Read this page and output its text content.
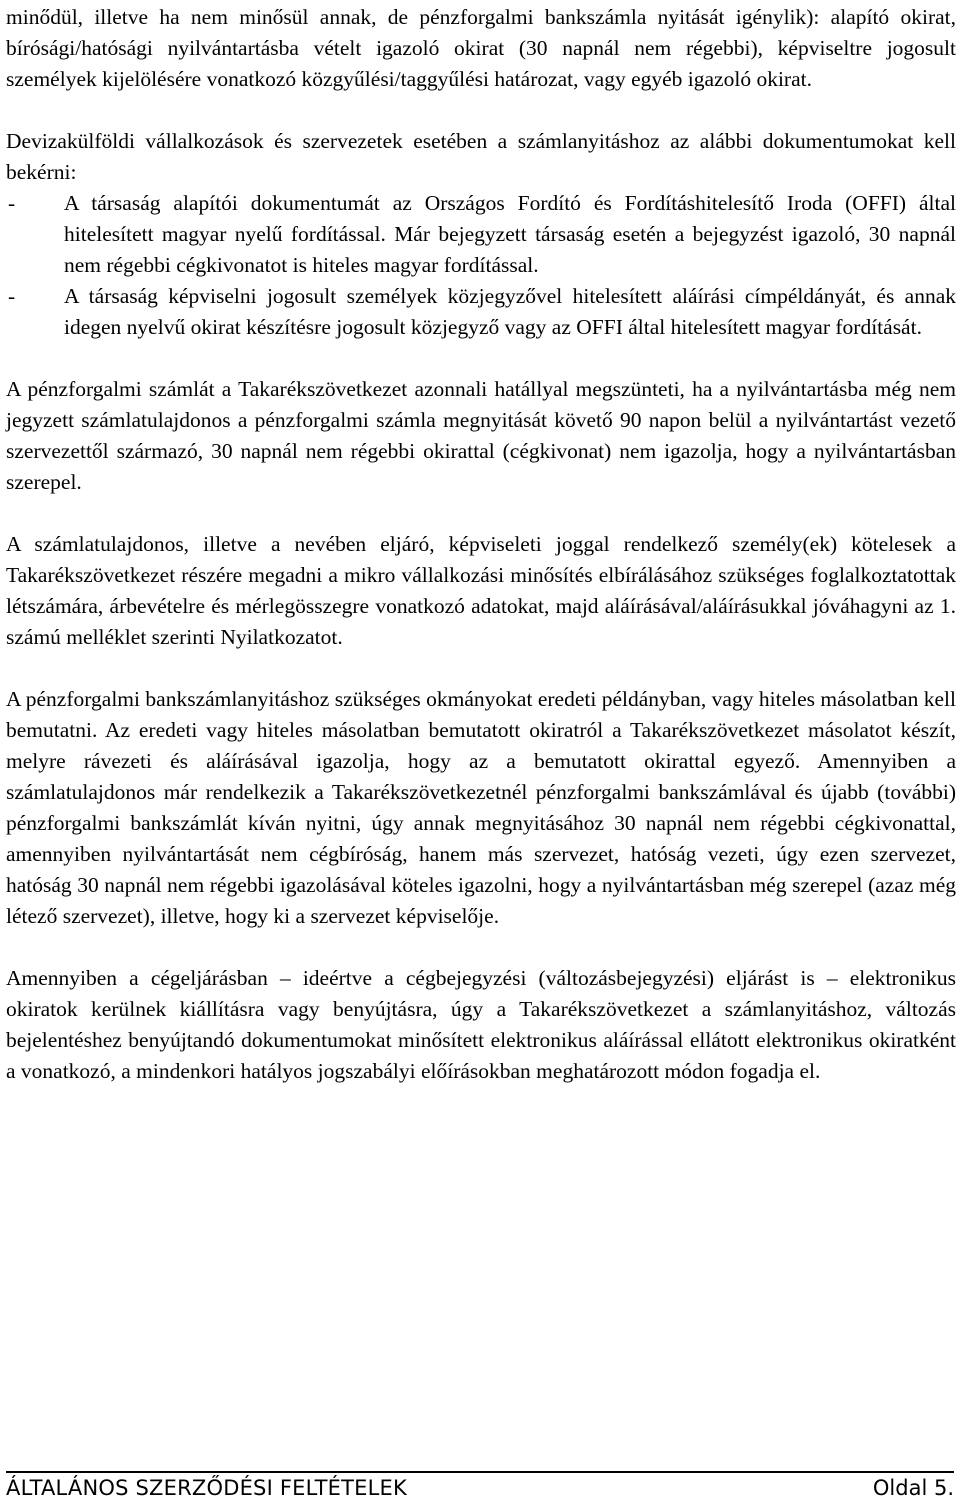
minődül, illetve ha nem minősül annak, de pénzforgalmi bankszámla nyitását igénylik): alapító okirat, bírósági/hatósági nyilvántartásba vételt igazoló okirat (30 napnál nem régebbi), képviseltre jogosult személyek kijelölésére vonatkozó közgyűlési/taggyűlési határozat, vagy egyéb igazoló okirat.

Devizakülföldi vállalkozások és szervezetek esetében a számlanyitáshoz az alábbi dokumentumokat kell bekérni:

-	A társaság alapítói dokumentumát az Országos Fordító és Fordításhitelesítő Iroda (OFFI) által hitelesített magyar nyelű fordítással. Már bejegyzett társaság esetén a bejegyzést igazoló, 30 napnál nem régebbi cégkivonatot is hiteles magyar fordítással.
-	A társaság képviselni jogosult személyek közjegyzővel hitelesített aláírási címpéldányát, és annak idegen nyelvű okirat készítésre jogosult közjegyző vagy az OFFI által hitelesített magyar fordítását.

A pénzforgalmi számlát a Takarékszövetkezet azonnali hatállyal megszünteti, ha a nyilvántartásba még nem jegyzett számlatulajdonos a pénzforgalmi számla megnyitását követő 90 napon belül a nyilvántartást vezető szervezettől származó, 30 napnál nem régebbi okirattal (cégkivonat) nem igazolja, hogy a nyilvántartásban szerepel.

A számlatulajdonos, illetve a nevében eljáró, képviseleti joggal rendelkező személy(ek) kötelesek a Takarékszövetkezet részére megadni a mikro vállalkozási minősítés elbírálásához szükséges foglalkoztatottak létszámára, árbevételre és mérlegösszegre vonatkozó adatokat, majd aláírásával/aláírásukkal jóváhagyni az 1. számú melléklet szerinti Nyilatkozatot.

A pénzforgalmi bankszámlanyitáshoz szükséges okmányokat eredeti példányban, vagy hiteles másolatban kell bemutatni. Az eredeti vagy hiteles másolatban bemutatott okiratról a Takarékszövetkezet másolatot készít, melyre rávezeti és aláírásával igazolja, hogy az a bemutatott okirattal egyező. Amennyiben a számlatulajdonos már rendelkezik a Takarékszövetkezetnél pénzforgalmi bankszámlával és újabb (további) pénzforgalmi bankszámlát kíván nyitni, úgy annak megnyitásához 30 napnál nem régebbi cégkivonattal, amennyiben nyilvántartását nem cégbíróság, hanem más szervezet, hatóság vezeti, úgy ezen szervezet, hatóság 30 napnál nem régebbi igazolásával köteles igazolni, hogy a nyilvántartásban még szerepel (azaz még létező szervezet), illetve, hogy ki a szervezet képviselője.

Amennyiben a cégeljárásban – ideértve a cégbejegyzési (változásbejegyzési) eljárást is – elektronikus okiratok kerülnek kiállításra vagy benyújtásra, úgy a Takarékszövetkezet a számlanyitáshoz, változás bejelentéshez benyújtandó dokumentumokat minősített elektronikus aláírással ellátott elektronikus okiratként a vonatkozó, a mindenkori hatályos jogszabályi előírásokban meghatározott módon fogadja el.

ÁLTALÁNOS SZERZŐDÉSI FELTÉTELEK	Oldal 5.
